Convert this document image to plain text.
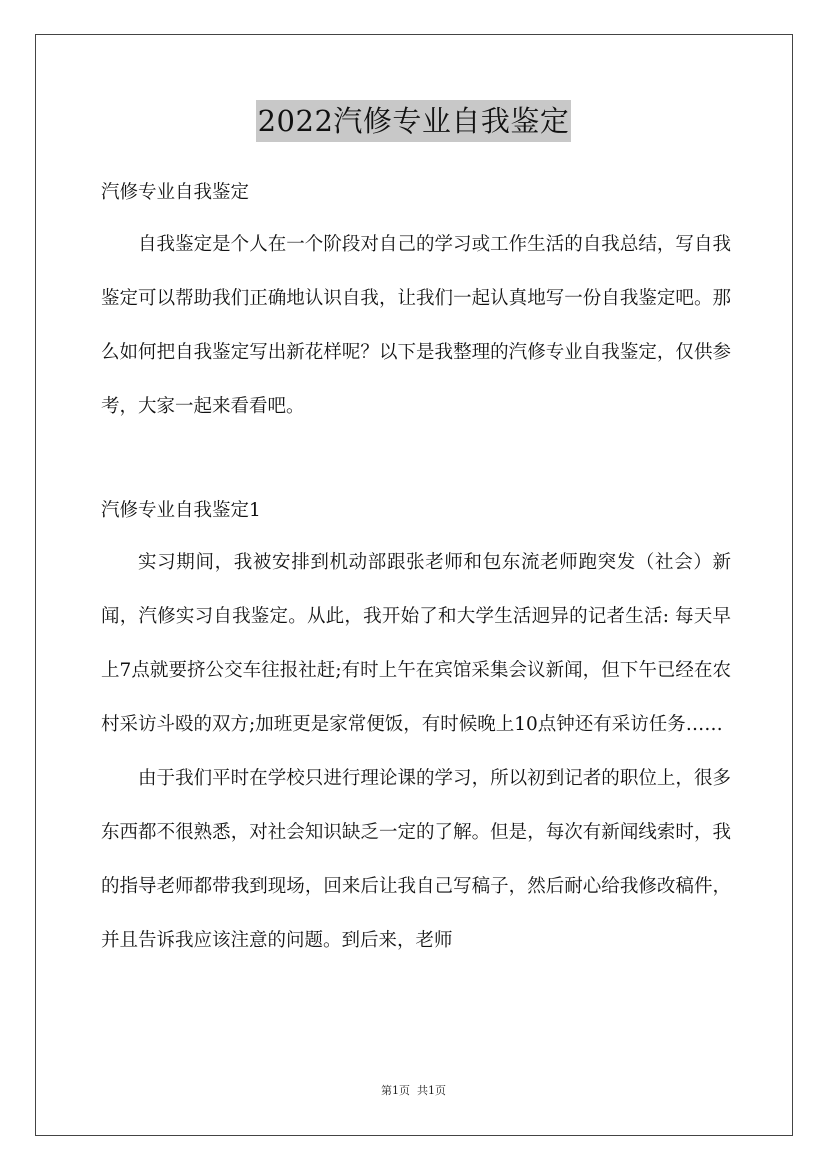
2022汽修专业自我鉴定

汽修专业自我鉴定

自我鉴定是个人在一个阶段对自己的学习或工作生活的自我总结，写自我鉴定可以帮助我们正确地认识自我，让我们一起认真地写一份自我鉴定吧。那么如何把自我鉴定写出新花样呢？以下是我整理的汽修专业自我鉴定，仅供参考，大家一起来看看吧。

汽修专业自我鉴定1

实习期间，我被安排到机动部跟张老师和包东流老师跑突发（社会）新闻，汽修实习自我鉴定。从此，我开始了和大学生活迥异的记者生活: 每天早上7点就要挤公交车往报社赶;有时上午在宾馆采集会议新闻，但下午已经在农村采访斗殴的双方;加班更是家常便饭，有时候晚上10点钟还有采访任务……

由于我们平时在学校只进行理论课的学习，所以初到记者的职位上，很多东西都不很熟悉，对社会知识缺乏一定的了解。但是，每次有新闻线索时，我的指导老师都带我到现场，回来后让我自己写稿子，然后耐心给我修改稿件，并且告诉我应该注意的问题。到后来，老师

第1页 共1页
